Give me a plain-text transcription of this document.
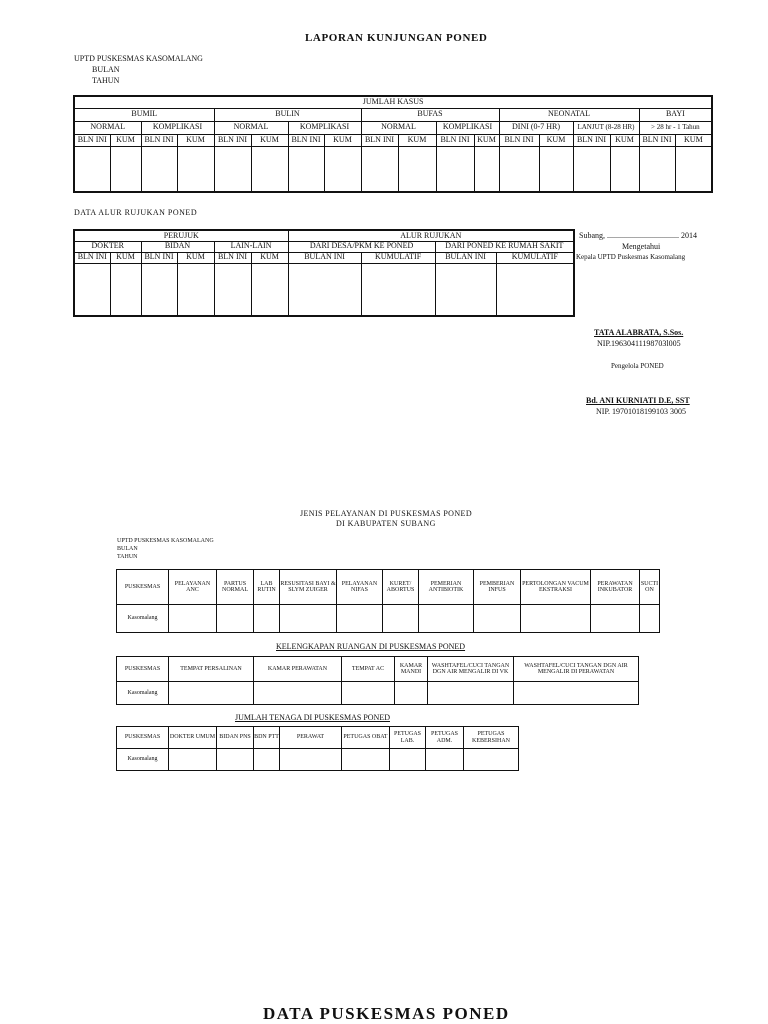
LAPORAN KUNJUNGAN PONED
UPTD PUSKESMAS KASOMALANG
BULAN
TAHUN
JUMLAH KASUS																	
BUMIL				BULIN				BUFAS				NEONATAL				BAYI	
NORMAL		KOMPLIKASI		NORMAL		KOMPLIKASI		NORMAL		KOMPLIKASI		DINI (0-7 HR)		LANJUT (8-28 HR)		> 28 hr - 1 Tahun	
BLN INI	KUM	BLN INI	KUM	BLN INI	KUM	BLN INI	KUM	BLN INI	KUM	BLN INI	KUM	BLN INI	KUM	BLN INI	KUM	BLN INI	KUM

DATA ALUR RUJUKAN PONED
PERUJUK						ALUR RUJUKAN			
DOKTER		BIDAN		LAIN-LAIN		DARI DESA/PKM KE PONED		DARI PONED KE RUMAH SAKIT	
BLN INI	KUM	BLN INI	KUM	BLN INI	KUM	BULAN INI	KUMULATIF	BULAN INI	KUMULATIF

Subang, .................................... 2014
Mengetahui
Kepala UPTD Puskesmas Kasomalang
TATA ALABRATA, S.Sos.
NIP.19630411198703l005
Pengelola PONED
Bd. ANI KURNIATI D.E, SST
NIP. 19701018199103 3005
JENIS PELAYANAN DI PUSKESMAS PONED
DI KABUPATEN SUBANG
UPTD PUSKESMAS KASOMALANG
BULAN
TAHUN
PUSKESMAS	PELAYANAN ANC	PARTUS NORMAL	LAB RUTIN	RESUSITASI BAYI & SLYM ZUIGER	PELAYANAN NIFAS	KURET/ ABORTUS	PEMERIAN ANTIBIOTIK	PEMBERIAN INFUS	PERTOLONGAN VACUM EKSTRAKSI	PERAWATAN INKUBATOR	SUCTI ON
Kasomalang											
KELENGKAPAN RUANGAN DI PUSKESMAS PONED
PUSKESMAS	TEMPAT PERSALINAN	KAMAR PERAWATAN	TEMPAT AC	KAMAR MANDI	WASHTAFEL/CUCI TANGAN DGN AIR MENGALIR DI VK	WASHTAFEL/CUCI TANGAN DGN AIR MENGALIR DI PERAWATAN
Kasomalang						
JUMLAH TENAGA DI PUSKESMAS PONED
PUSKESMAS	DOKTER UMUM	BIDAN PNS	BDN PTT	PERAWAT	PETUGAS OBAT	PETUGAS LAB.	PETUGAS ADM.	PETUGAS KEBERSIHAN
Kasomalang								
DATA PUSKESMAS PONED
